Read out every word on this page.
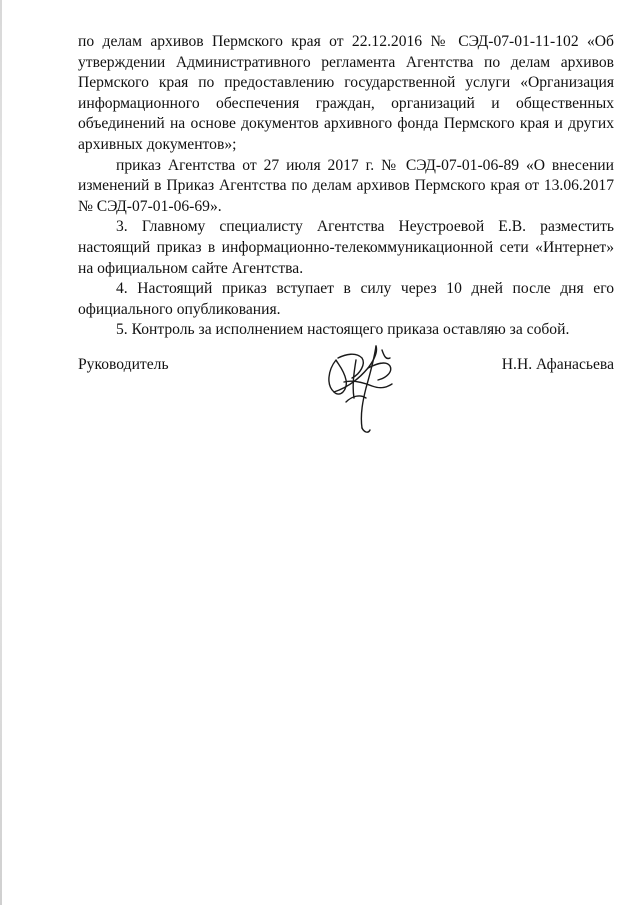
по делам архивов Пермского края от 22.12.2016 № СЭД-07-01-11-102 «Об утверждении Административного регламента Агентства по делам архивов Пермского края по предоставлению государственной услуги «Организация информационного обеспечения граждан, организаций и общественных объединений на основе документов архивного фонда Пермского края и других архивных документов»;

приказ Агентства от 27 июля 2017 г. № СЭД-07-01-06-89 «О внесении изменений в Приказ Агентства по делам архивов Пермского края от 13.06.2017 № СЭД-07-01-06-69».

3. Главному специалисту Агентства Неустроевой Е.В. разместить настоящий приказ в информационно-телекоммуникационной сети «Интернет» на официальном сайте Агентства.

4. Настоящий приказ вступает в силу через 10 дней после дня его официального опубликования.

5. Контроль за исполнением настоящего приказа оставляю за собой.

Руководитель	Н.Н. Афанасьева
